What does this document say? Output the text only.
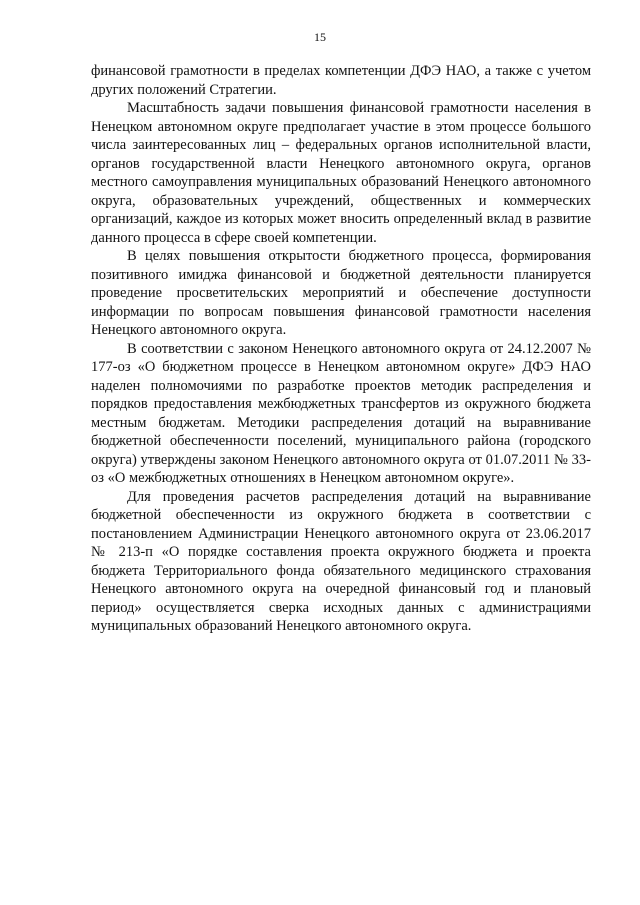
15

финансовой грамотности в пределах компетенции ДФЭ НАО, а также с учетом других положений Стратегии.

Масштабность задачи повышения финансовой грамотности населения в Ненецком автономном округе предполагает участие в этом процессе большого числа заинтересованных лиц – федеральных органов исполнительной власти, органов государственной власти Ненецкого автономного округа, органов местного самоуправления муниципальных образований Ненецкого автономного округа, образовательных учреждений, общественных и коммерческих организаций, каждое из которых может вносить определенный вклад в развитие данного процесса в сфере своей компетенции.

В целях повышения открытости бюджетного процесса, формирования позитивного имиджа финансовой и бюджетной деятельности планируется проведение просветительских мероприятий и обеспечение доступности информации по вопросам повышения финансовой грамотности населения Ненецкого автономного округа.

В соответствии с законом Ненецкого автономного округа от 24.12.2007 № 177-оз «О бюджетном процессе в Ненецком автономном округе» ДФЭ НАО наделен полномочиями по разработке проектов методик распределения и порядков предоставления межбюджетных трансфертов из окружного бюджета местным бюджетам. Методики распределения дотаций на выравнивание бюджетной обеспеченности поселений, муниципального района (городского округа) утверждены законом Ненецкого автономного округа от 01.07.2011 № 33-оз «О межбюджетных отношениях в Ненецком автономном округе».

Для проведения расчетов распределения дотаций на выравнивание бюджетной обеспеченности из окружного бюджета в соответствии с постановлением Администрации Ненецкого автономного округа от 23.06.2017 № 213-п «О порядке составления проекта окружного бюджета и проекта бюджета Территориального фонда обязательного медицинского страхования Ненецкого автономного округа на очередной финансовый год и плановый период» осуществляется сверка исходных данных с администрациями муниципальных образований Ненецкого автономного округа.
